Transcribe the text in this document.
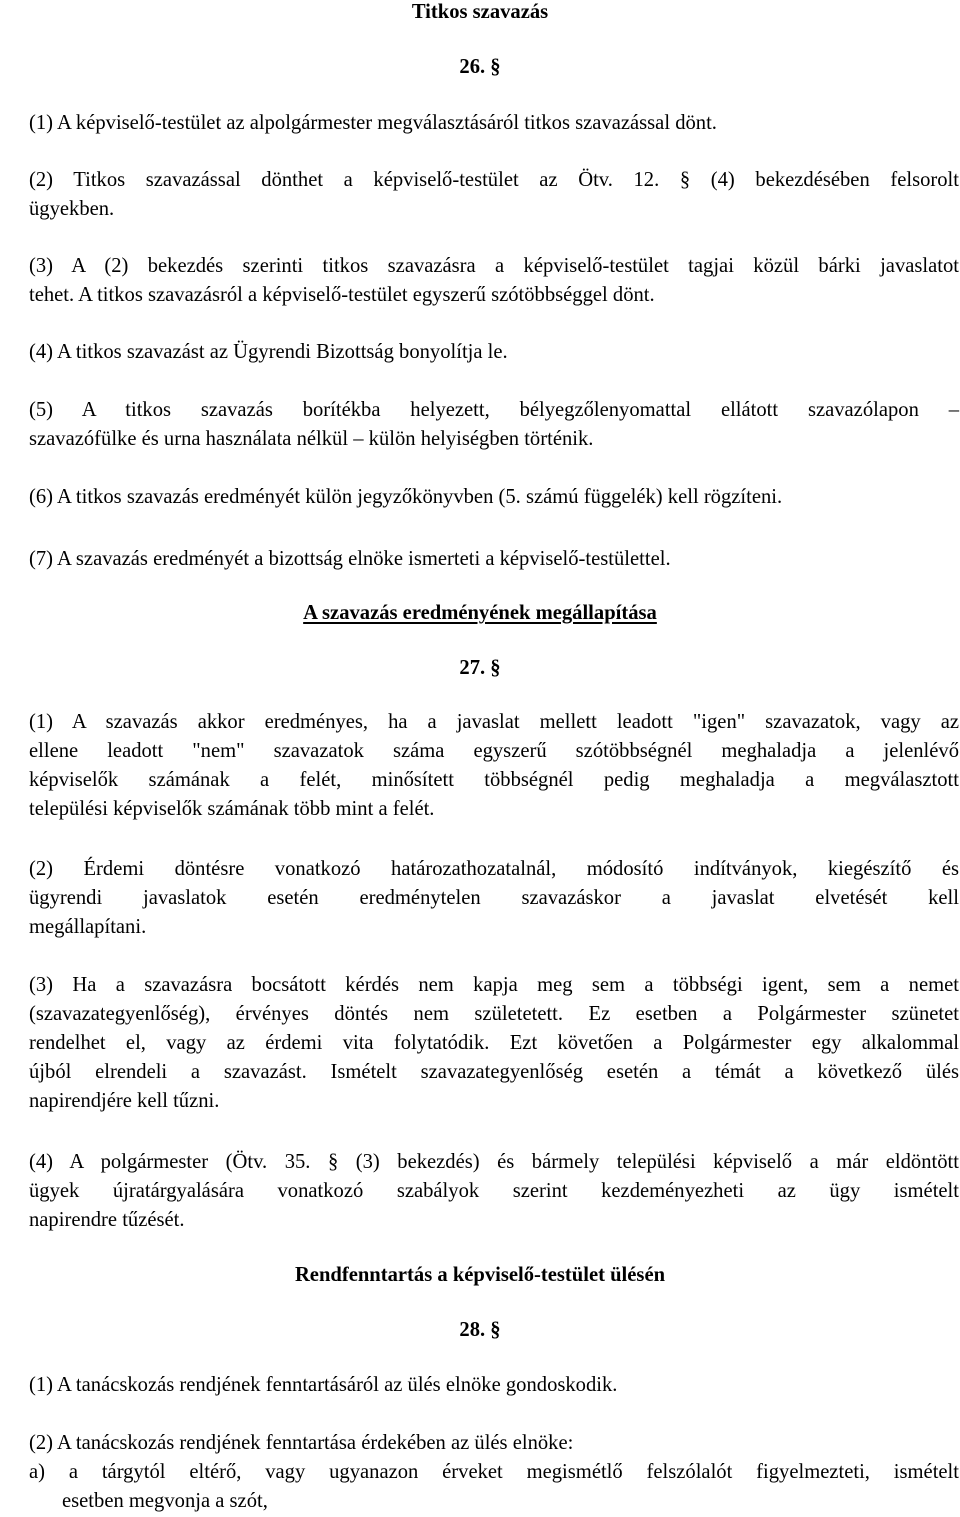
Titkos szavazás
26. §
(1) A képviselő-testület az alpolgármester megválasztásáról titkos szavazással dönt.
(2) Titkos szavazással dönthet a képviselő-testület az Ötv. 12. § (4) bekezdésében felsorolt
ügyekben.
(3) A (2) bekezdés szerinti titkos szavazásra a képviselő-testület tagjai közül bárki javaslatot
tehet. A titkos szavazásról a képviselő-testület egyszerű szótöbbséggel dönt.
(4) A titkos szavazást az Ügyrendi Bizottság bonyolítja le.
(5) A titkos szavazás borítékba helyezett, bélyegzőlenyomattal ellátott szavazólapon –
szavazófülke és urna használata nélkül – külön helyiségben történik.
(6) A titkos szavazás eredményét külön jegyzőkönyvben (5. számú függelék) kell rögzíteni.
(7) A szavazás eredményét a bizottság elnöke ismerteti a képviselő-testülettel.
A szavazás eredményének megállapítása
27. §
(1) A szavazás akkor eredményes, ha a javaslat mellett leadott "igen" szavazatok, vagy az
ellene leadott "nem" szavazatok száma egyszerű szótöbbségnél meghaladja a jelenlévő
képviselők számának a felét, minősített többségnél pedig meghaladja a megválasztott
települési képviselők számának több mint a felét.
(2) Érdemi döntésre vonatkozó határozathozatalnál, módosító indítványok, kiegészítő és
ügyrendi javaslatok esetén eredménytelen szavazáskor a javaslat elvetését kell
megállapítani.
(3) Ha a szavazásra bocsátott kérdés nem kapja meg sem a többségi igent, sem a nemet
(szavazategyenlőség), érvényes döntés nem születetett. Ez esetben a Polgármester szünetet
rendelhet el, vagy az érdemi vita folytatódik. Ezt követően a Polgármester egy alkalommal
újból elrendeli a szavazást. Ismételt szavazategyenlőség esetén a témát a következő ülés
napirendjére kell tűzni.
(4) A polgármester (Ötv. 35. § (3) bekezdés) és bármely települési képviselő a már eldöntött
ügyek újratárgyalására vonatkozó szabályok szerint kezdeményezheti az ügy ismételt
napirendre tűzését.
Rendfenntartás a képviselő-testület ülésén
28. §
(1) A tanácskozás rendjének fenntartásáról az ülés elnöke gondoskodik.
(2) A tanácskozás rendjének fenntartása érdekében az ülés elnöke:
a) a tárgytól eltérő, vagy ugyanazon érveket megismétlő felszólalót figyelmezteti, ismételt
esetben megvonja a szót,
